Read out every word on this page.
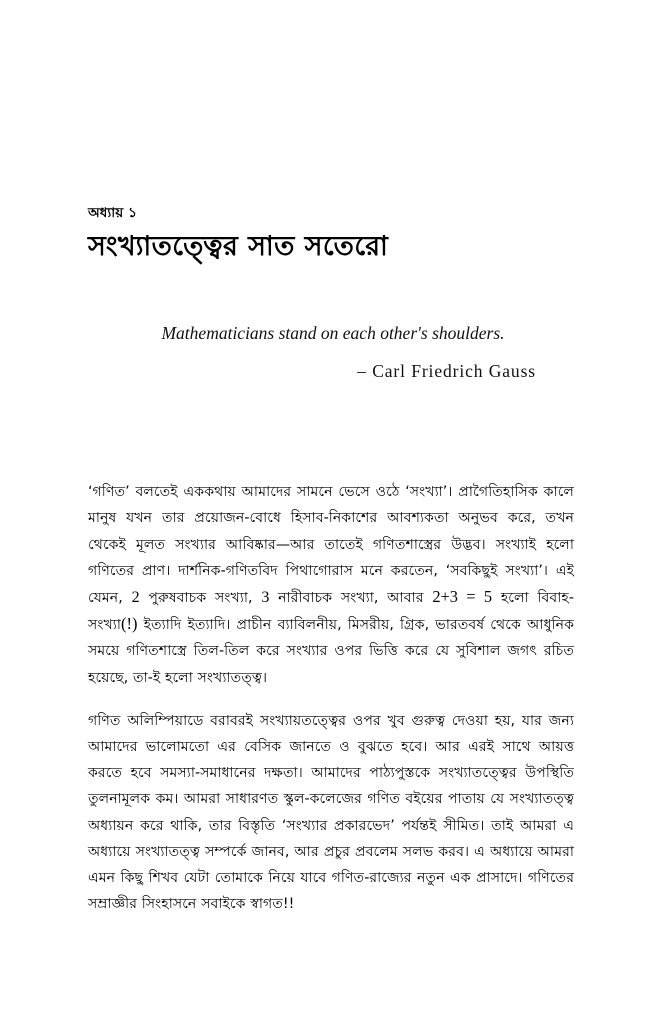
অধ্যায় ১
সংখ্যাতত্ত্বের সাত সতেরো

Mathematicians stand on each other's shoulders.

– Carl Friedrich Gauss

‘গণিত’ বলতেই এককথায় আমাদের সামনে ভেসে ওঠে ‘সংখ্যা’। প্রাগৈতিহাসিক কালে মানুষ যখন তার প্রয়োজন-বোধে হিসাব-নিকাশের আবশ্যকতা অনুভব করে, তখন থেকেই মূলত সংখ্যার আবিষ্কার—আর তাতেই গণিতশাস্ত্রের উদ্ভব। সংখ্যাই হলো গণিতের প্রাণ। দার্শনিক-গণিতবিদ পিথাগোরাস মনে করতেন, ‘সবকিছুই সংখ্যা’। এই যেমন, 2 পুরুষবাচক সংখ্যা, 3 নারীবাচক সংখ্যা, আবার 2+3 = 5 হলো বিবাহ-সংখ্যা(!) ইত্যাদি ইত্যাদি। প্রাচীন ব্যাবিলনীয়, মিসরীয়, গ্রিক, ভারতবর্ষ থেকে আধুনিক সময়ে গণিতশাস্ত্রে তিল-তিল করে সংখ্যার ওপর ভিত্তি করে যে সুবিশাল জগৎ রচিত হয়েছে, তা-ই হলো সংখ্যাতত্ত্ব।

গণিত অলিম্পিয়াডে বরাবরই সংখ্যায়তত্ত্বের ওপর খুব গুরুত্ব দেওয়া হয়, যার জন্য আমাদের ভালোমতো এর বেসিক জানতে ও বুঝতে হবে। আর এরই সাথে আয়ত্ত করতে হবে সমস্যা-সমাধানের দক্ষতা। আমাদের পাঠ্যপুস্তকে সংখ্যাতত্ত্বের উপস্থিতি তুলনামূলক কম। আমরা সাধারণত স্কুল-কলেজের গণিত বইয়ের পাতায় যে সংখ্যাতত্ত্ব অধ্যায়ন করে থাকি, তার বিস্তৃতি ‘সংখ্যার প্রকারভেদ’ পর্যন্তই সীমিত। তাই আমরা এ অধ্যায়ে সংখ্যাতত্ত্ব সম্পর্কে জানব, আর প্রচুর প্রবলেম সলভ করব। এ অধ্যায়ে আমরা এমন কিছু শিখব যেটা তোমাকে নিয়ে যাবে গণিত-রাজ্যের নতুন এক প্রাসাদে। গণিতের সম্রাজ্ঞীর সিংহাসনে সবাইকে স্বাগত!!
